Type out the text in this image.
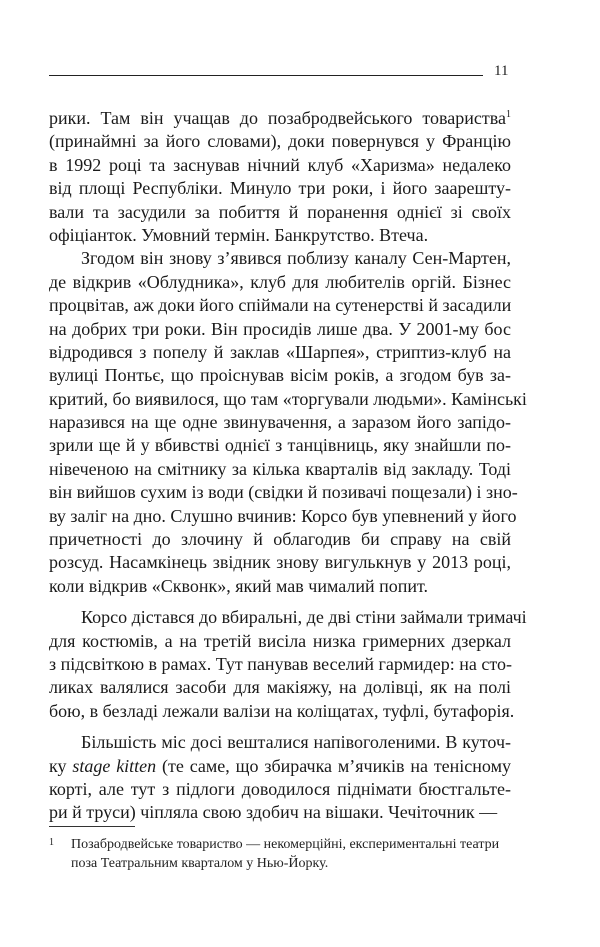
11
рики. Там він учащав до позабродвейського товариства$^1$
(принаймні за його словами), доки повернувся у Францію
в 1992 році та заснував нічний клуб «Харизма» недалеко
від площі Республіки. Минуло три роки, і його заарешту-
вали та засудили за побиття й поранення однієї зі своїх
офіціанток. Умовний термін. Банкрутство. Втеча.
Згодом він знову з’явився поблизу каналу Сен-Мартен,
де відкрив «Облудника», клуб для любителів оргій. Бізнес
процвітав, аж доки його спіймали на сутенерстві й засадили
на добрих три роки. Він просидів лише два. У 2001-му бос
відродився з попелу й заклав «Шарпея», стриптиз-клуб на
вулиці Понтьє, що проіснував вісім років, а згодом був за-
критий, бо виявилося, що там «торгували людьми». Камінські
наразився на ще одне звинувачення, а заразом його запідо-
зрили ще й у вбивстві однієї з танцівниць, яку знайшли по-
нівеченою на смітнику за кілька кварталів від закладу. Тоді
він вийшов сухим із води (свідки й позивачі пощезали) і зно-
ву заліг на дно. Слушно вчинив: Корсо був упевнений у його
причетності до злочину й облагодив би справу на свій
розсуд. Насамкінець звідник знову вигулькнув у 2013 році,
коли відкрив «Сквонк», який мав чималий попит.
Корсо дістався до вбиральні, де дві стіни займали тримачі
для костюмів, а на третій висіла низка гримерних дзеркал
з підсвіткою в рамах. Тут панував веселий гармидер: на сто-
ликах валялися засоби для макіяжу, на долівці, як на полі
бою, в безладі лежали валізи на коліщатах, туфлі, бутафорія.
Більшість міс досі вешталися напівоголеними. В куточ-
ку stage kitten (те саме, що збирачка м’ячиків на тенісному
корті, але тут з підлоги доводилося піднімати бюстгальте-
ри й труси) чіпляла свою здобич на вішаки. Чечіточник —
1	Позабродвейське товариство — некомерційні, експериментальні театри
поза Театральним кварталом у Нью-Йорку.
